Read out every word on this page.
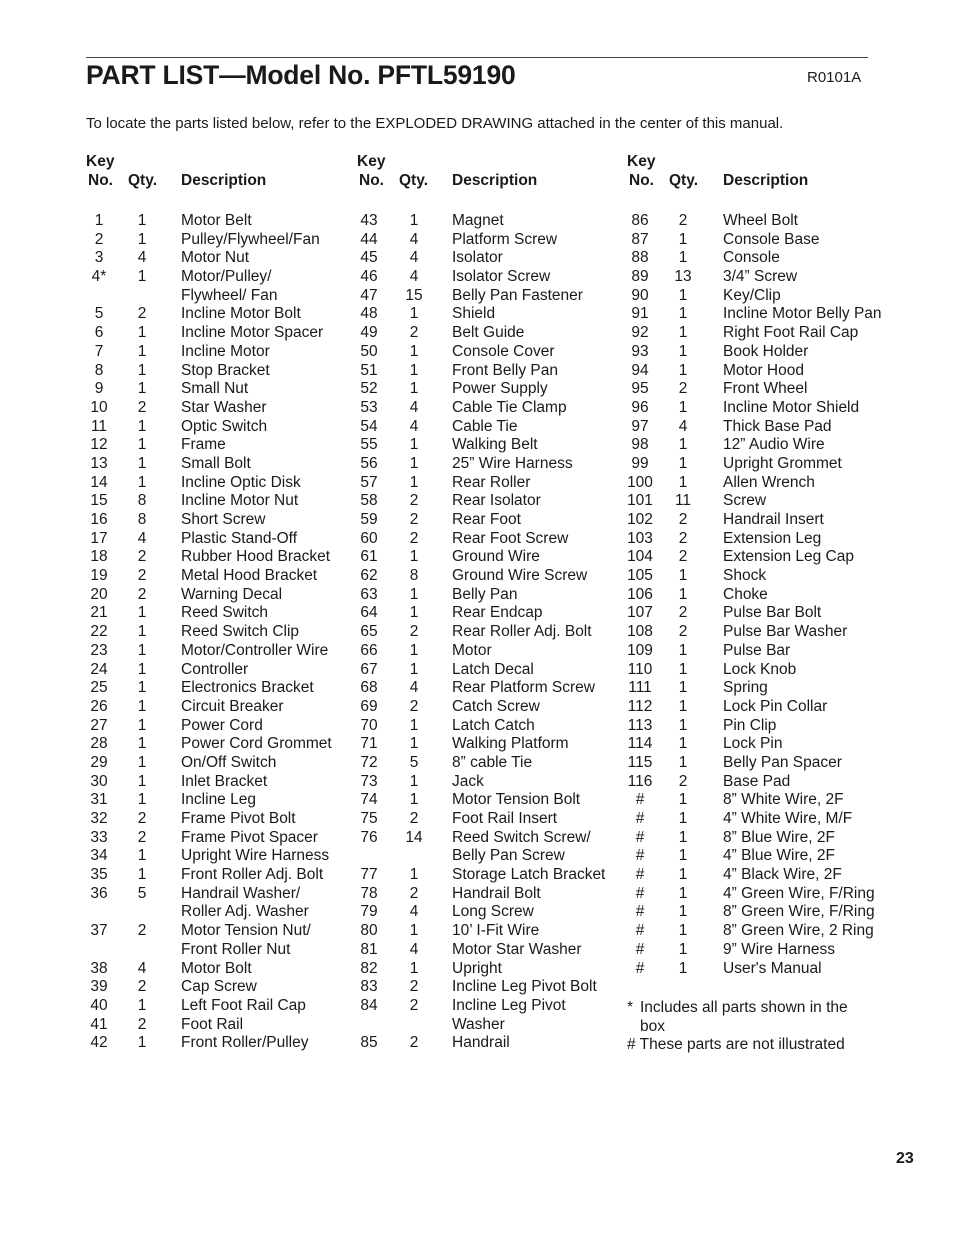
PART LIST—Model No. PFTL59190	R0101A
To locate the parts listed below, refer to the EXPLODED DRAWING attached in the center of this manual.
Key
No. Qty. Description
1	1	Motor Belt
2	1	Pulley/Flywheel/Fan
3	4	Motor Nut
4*	1	Motor/Pulley/
Flywheel/ Fan
5	2	Incline Motor Bolt
6	1	Incline Motor Spacer
7	1	Incline Motor
8	1	Stop Bracket
9	1	Small Nut
10	2	Star Washer
11	1	Optic Switch
12	1	Frame
13	1	Small Bolt
14	1	Incline Optic Disk
15	8	Incline Motor Nut
16	8	Short Screw
17	4	Plastic Stand-Off
18	2	Rubber Hood Bracket
19	2	Metal Hood Bracket
20	2	Warning Decal
21	1	Reed Switch
22	1	Reed Switch Clip
23	1	Motor/Controller Wire
24	1	Controller
25	1	Electronics Bracket
26	1	Circuit Breaker
27	1	Power Cord
28	1	Power Cord Grommet
29	1	On/Off Switch
30	1	Inlet Bracket
31	1	Incline Leg
32	2	Frame Pivot Bolt
33	2	Frame Pivot Spacer
34	1	Upright Wire Harness
35	1	Front Roller Adj. Bolt
36	5	Handrail Washer/
Roller Adj. Washer
37	2	Motor Tension Nut/
Front Roller Nut
38	4	Motor Bolt
39	2	Cap Screw
40	1	Left Foot Rail Cap
41	2	Foot Rail
42	1	Front Roller/Pulley
Key
No. Qty. Description
43	1	Magnet
44	4	Platform Screw
45	4	Isolator
46	4	Isolator Screw
47	15	Belly Pan Fastener
48	1	Shield
49	2	Belt Guide
50	1	Console Cover
51	1	Front Belly Pan
52	1	Power Supply
53	4	Cable Tie Clamp
54	4	Cable Tie
55	1	Walking Belt
56	1	25” Wire Harness
57	1	Rear Roller
58	2	Rear Isolator
59	2	Rear Foot
60	2	Rear Foot Screw
61	1	Ground Wire
62	8	Ground Wire Screw
63	1	Belly Pan
64	1	Rear Endcap
65	2	Rear Roller Adj. Bolt
66	1	Motor
67	1	Latch Decal
68	4	Rear Platform Screw
69	2	Catch Screw
70	1	Latch Catch
71	1	Walking Platform
72	5	8” cable Tie
73	1	Jack
74	1	Motor Tension Bolt
75	2	Foot Rail Insert
76	14	Reed Switch Screw/
Belly Pan Screw
77	1	Storage Latch Bracket
78	2	Handrail Bolt
79	4	Long Screw
80	1	10’ I-Fit Wire
81	4	Motor Star Washer
82	1	Upright
83	2	Incline Leg Pivot Bolt
84	2	Incline Leg Pivot
Washer
85	2	Handrail
Key
No. Qty. Description
86	2	Wheel Bolt
87	1	Console Base
88	1	Console
89	13	3/4” Screw
90	1	Key/Clip
91	1	Incline Motor Belly Pan
92	1	Right Foot Rail Cap
93	1	Book Holder
94	1	Motor Hood
95	2	Front Wheel
96	1	Incline Motor Shield
97	4	Thick Base Pad
98	1	12” Audio Wire
99	1	Upright Grommet
100	1	Allen Wrench
101	11	Screw
102	2	Handrail Insert
103	2	Extension Leg
104	2	Extension Leg Cap
105	1	Shock
106	1	Choke
107	2	Pulse Bar Bolt
108	2	Pulse Bar Washer
109	1	Pulse Bar
110	1	Lock Knob
111	1	Spring
112	1	Lock Pin Collar
113	1	Pin Clip
114	1	Lock Pin
115	1	Belly Pan Spacer
116	2	Base Pad
#	1	8” White Wire, 2F
#	1	4” White Wire, M/F
#	1	8” Blue Wire, 2F
#	1	4” Blue Wire, 2F
#	1	4” Black Wire, 2F
#	1	4” Green Wire, F/Ring
#	1	8” Green Wire, F/Ring
#	1	8” Green Wire, 2 Ring
#	1	9” Wire Harness
#	1	User's Manual
* Includes all parts shown in the box
# These parts are not illustrated
23
